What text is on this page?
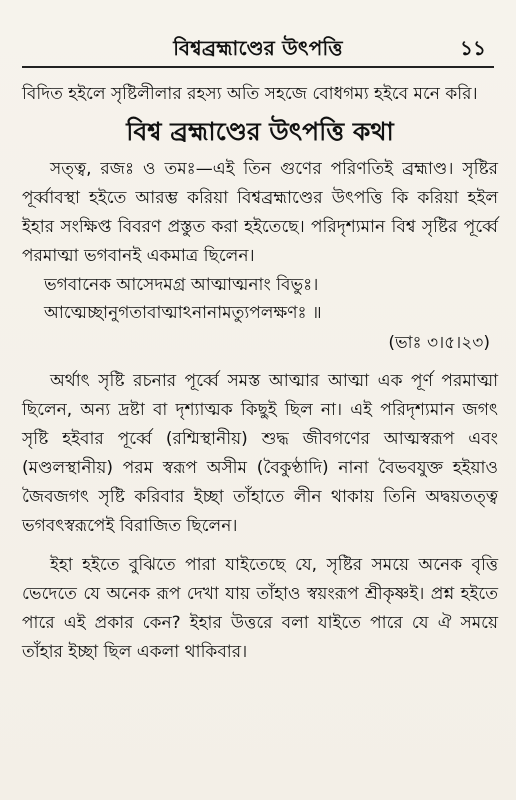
বিশ্বব্রহ্মাণ্ডের উৎপত্তি	১১

বিদিত হইলে সৃষ্টিলীলার রহস্য অতি সহজে বোধগম্য হইবে মনে করি।

বিশ্ব ব্রহ্মাণ্ডের উৎপত্তি কথা

সত্ত্ব, রজঃ ও তমঃ—এই তিন গুণের পরিণতিই ব্রহ্মাণ্ড। সৃষ্টির পূর্ব্বাবস্থা হইতে আরম্ভ করিয়া বিশ্বব্রহ্মাণ্ডের উৎপত্তি কি করিয়া হইল ইহার সংক্ষিপ্ত বিবরণ প্রস্তুত করা হইতেছে। পরিদৃশ্যমান বিশ্ব সৃষ্টির পূর্ব্বে পরমাত্মা ভগবানই একমাত্র ছিলেন।

ভগবানেক আসেদমগ্র আত্মাত্মনাং বিভুঃ।
আত্মেচ্ছানুগতাবাত্মাঽনানামত্যুপলক্ষণঃ ॥
(ভাঃ ৩।৫।২৩)

অর্থাৎ সৃষ্টি রচনার পূর্ব্বে সমস্ত আত্মার আত্মা এক পূর্ণ পরমাত্মা ছিলেন, অন্য দ্রষ্টা বা দৃশ্যাত্মক কিছুই ছিল না। এই পরিদৃশ্যমান জগৎ সৃষ্টি হইবার পূর্ব্বে (রশ্মিস্থানীয়) শুদ্ধ জীবগণের আত্মস্বরূপ এবং (মণ্ডলস্থানীয়) পরম স্বরূপ অসীম (বৈকুণ্ঠাদি) নানা বৈভবযুক্ত হইয়াও জৈবজগৎ সৃষ্টি করিবার ইচ্ছা তাঁহাতে লীন থাকায় তিনি অদ্বয়তত্ত্ব ভগবৎস্বরূপেই বিরাজিত ছিলেন।

ইহা হইতে বুঝিতে পারা যাইতেছে যে, সৃষ্টির সময়ে অনেক বৃত্তি ভেদেতে যে অনেক রূপ দেখা যায় তাঁহাও স্বয়ংরূপ শ্রীকৃষ্ণই। প্রশ্ন হইতে পারে এই প্রকার কেন? ইহার উত্তরে বলা যাইতে পারে যে ঐ সময়ে তাঁহার ইচ্ছা ছিল একলা থাকিবার।
